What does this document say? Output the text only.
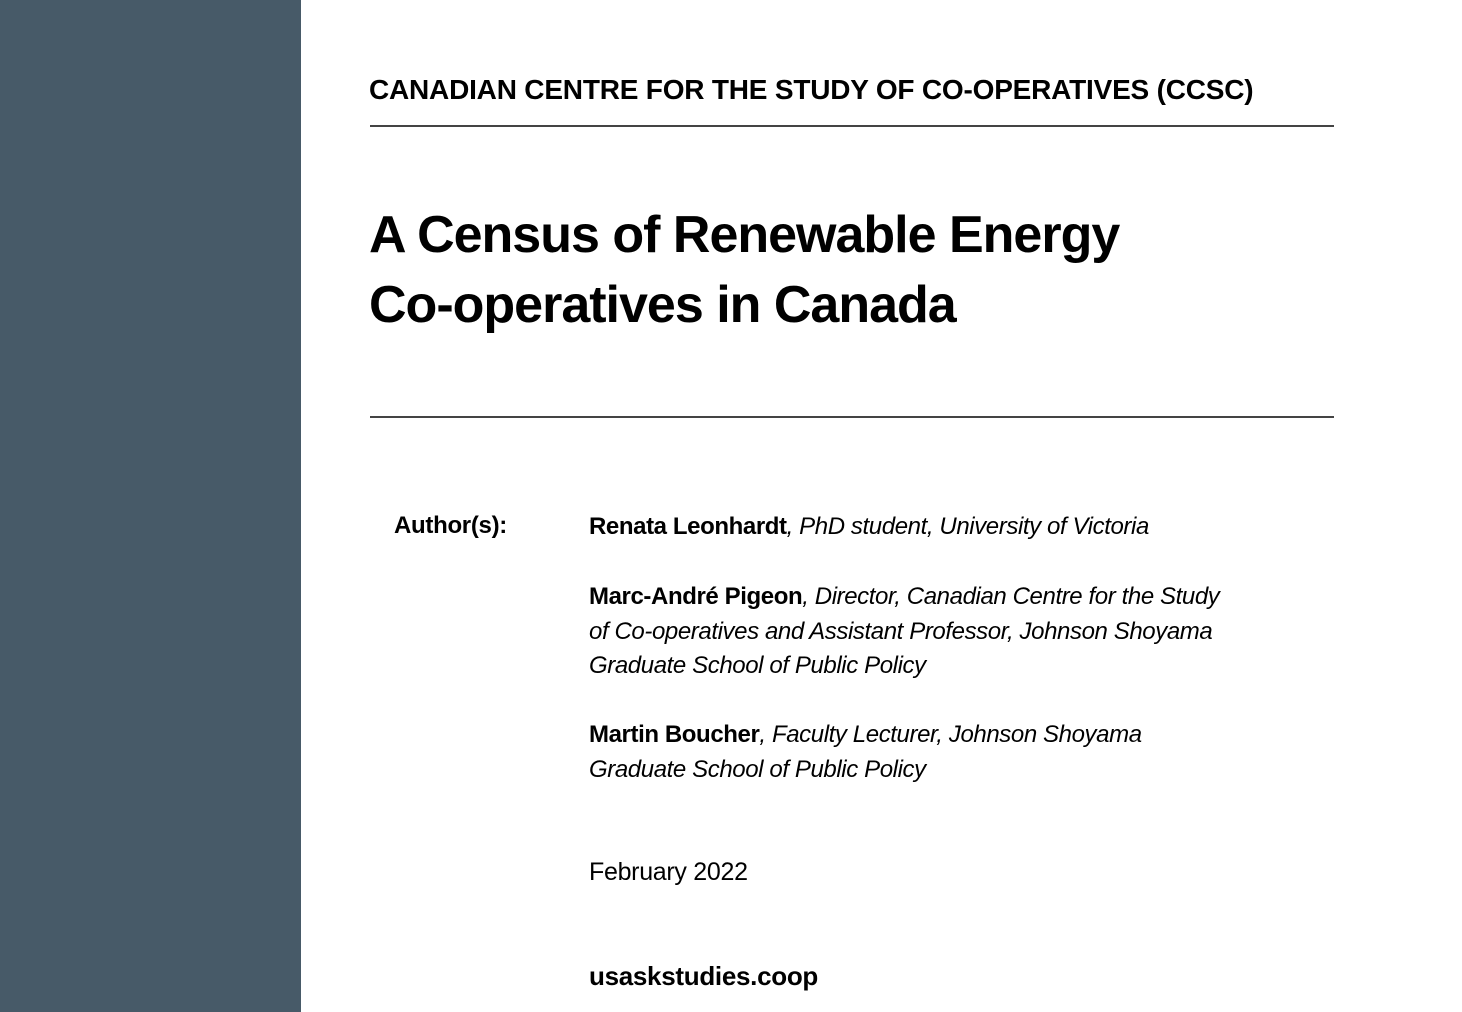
CANADIAN CENTRE FOR THE STUDY OF CO-OPERATIVES (CCSC)
A Census of Renewable Energy
Co-operatives in Canada
Author(s):	Renata Leonhardt, PhD student, University of Victoria
Marc-André Pigeon, Director, Canadian Centre for the Study
of Co-operatives and Assistant Professor, Johnson Shoyama
Graduate School of Public Policy
Martin Boucher, Faculty Lecturer, Johnson Shoyama
Graduate School of Public Policy
February 2022
usaskstudies.coop
